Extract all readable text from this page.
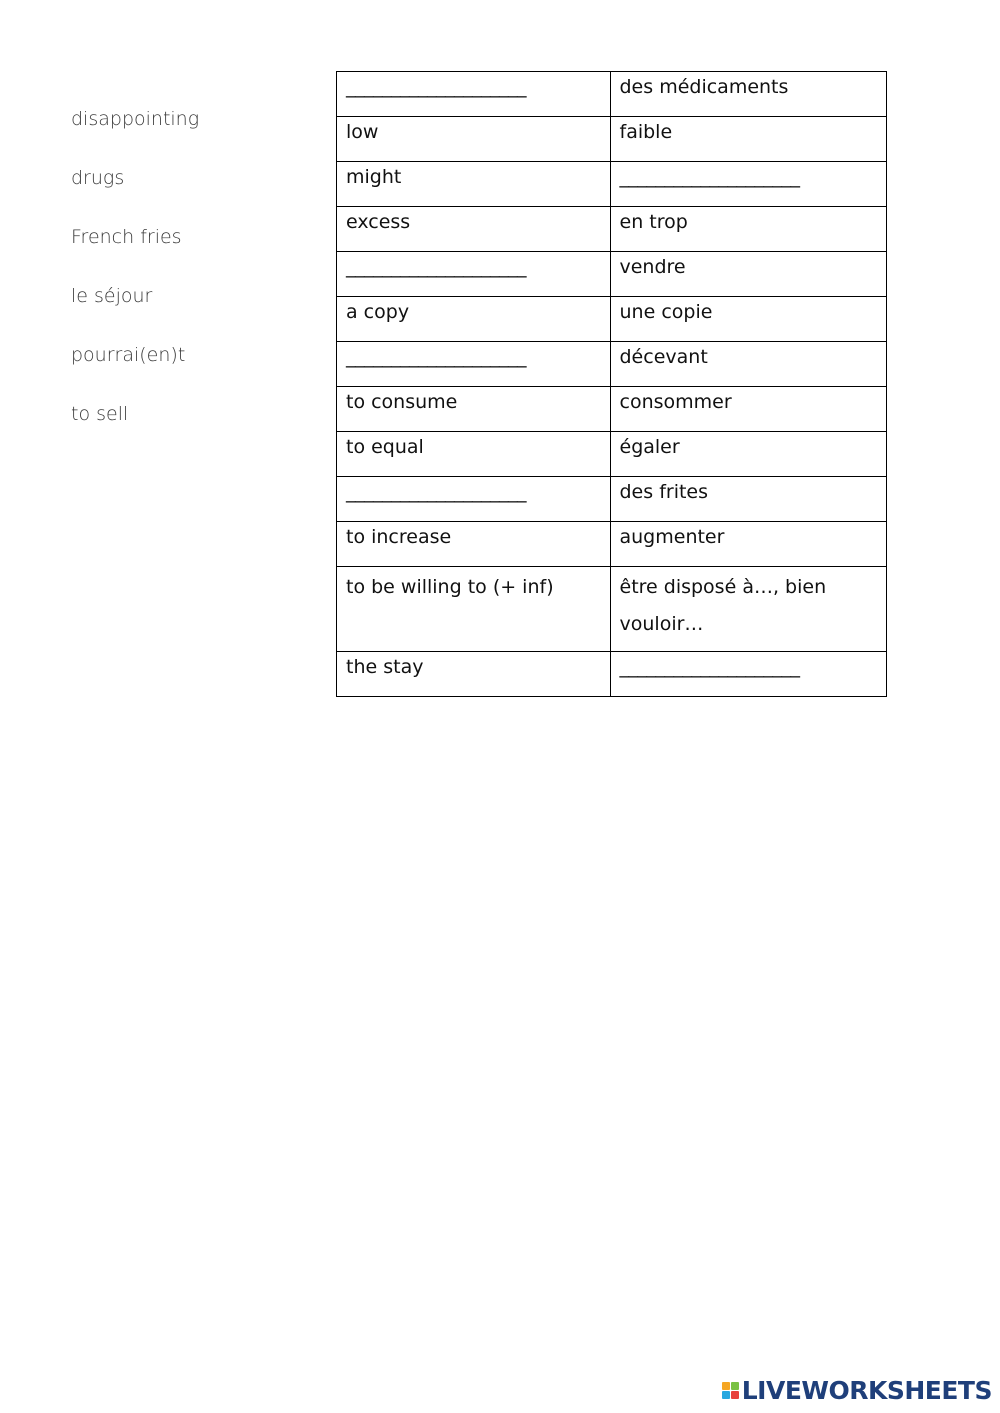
disappointing
drugs
French fries
le séjour
pourrai(en)t
to sell
____________________	des médicaments
low	faible
might	____________________
excess	en trop
____________________	vendre
a copy	une copie
____________________	décevant
to consume	consommer
to equal	égaler
____________________	des frites
to increase	augmenter
to be willing to (+ inf)	être disposé à…, bien vouloir…
the stay	____________________
LIVEWORKSHEETS
